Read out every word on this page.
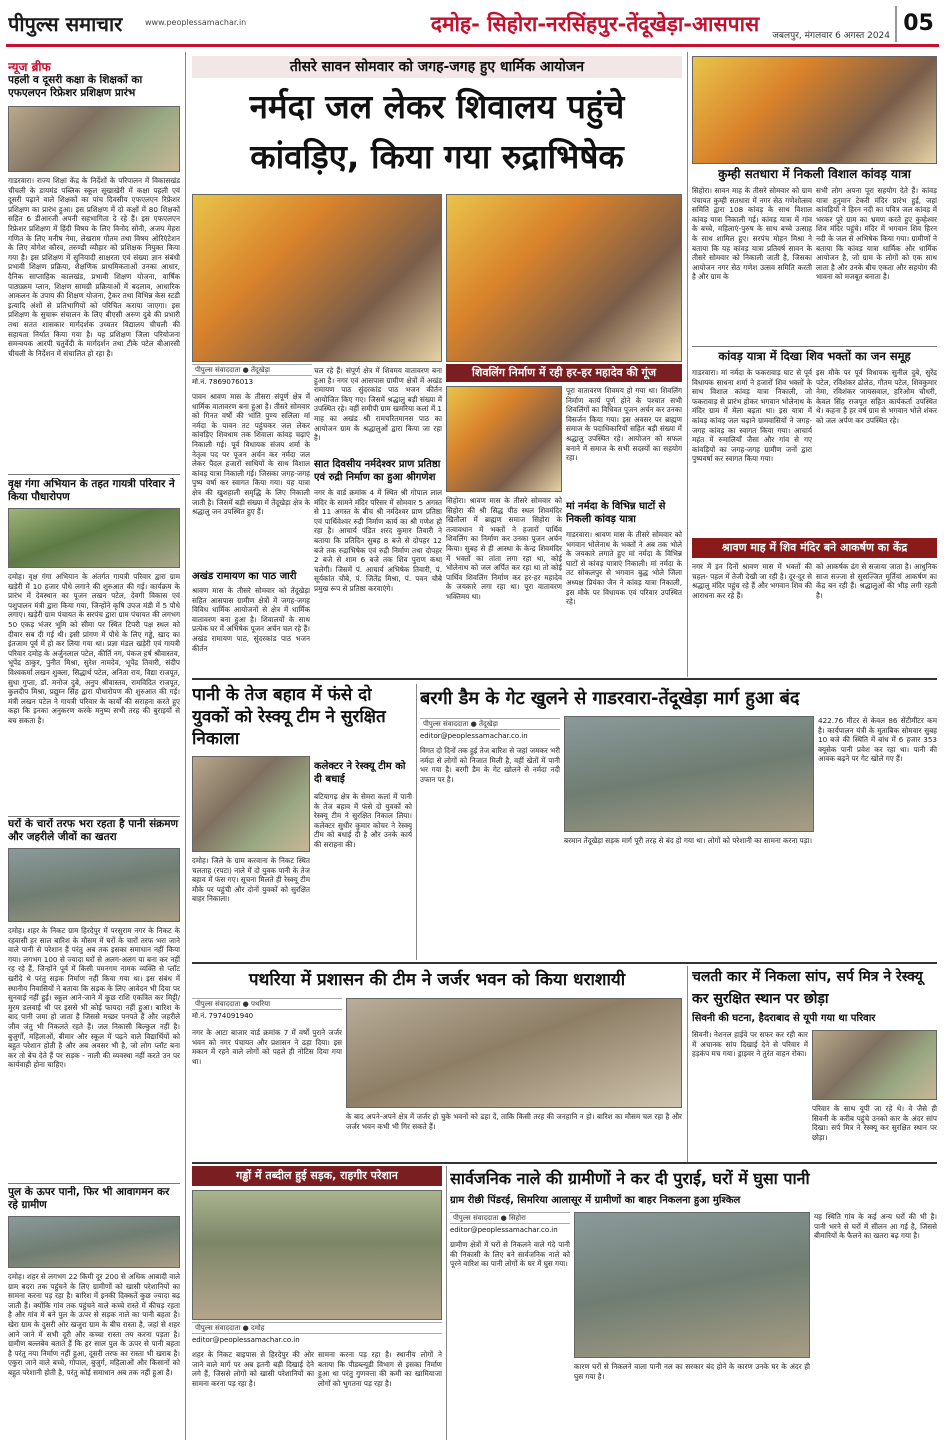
पीपुल्स समाचार	www.peoplessamachar.in	दमोह- सिहोरा-नरसिंहपुर-तेंदूखेड़ा-आसपास	जबलपुर, मंगलवार 6 अगस्त 2024 05
न्यूज ब्रीफ
पहली व दूसरी कक्षा के शिक्षकों का एफएलएन रिफ्रेशर प्रशिक्षण प्रारंभ
गाडरवारा। राज्य शिक्षा केंद्र के निर्देशों के परिपालन में विकासखंड चीचली के डायमंड पब्लिक स्कूल सूखाखेरी में कक्षा पहली एवं दूसरी पढ़ाने वाले शिक्षकों का पांच दिवसीय एफएलएन रिफ्रेशर प्रशिक्षण का प्रारंभ हुआ। इस प्रशिक्षण में दो कक्षों में 80 शिक्षकों सहित 6 डीआरजी अपनी सहभागिता दे रहे हैं। इस एफएलएन रिफ्रेशर प्रशिक्षण में हिंदी विषय के लिए विनोद सोनी, अजय मेहरा गणित के लिए मनीष नेमा, लेखराम गौतम तथा विषय ओरिएंटेशन के लिए योगेश कौरव, तरुण्डी व्यौहार को प्रशिक्षक नियुक्त किया गया है। इस प्रशिक्षण में सुनियादी साक्षरता एवं संख्या ज्ञान संबंधी प्रभावी शिक्षण प्रक्रिया, शैक्षणिक प्राथमिकताओं उनका आधार, दैनिक साप्ताहिक कालखंड, प्रभावी शिक्षण योजना, वार्षिक पाठ्यक्रम प्लान, शिक्षण सामग्री प्रक्रियाओं में बदलाव, आधारिक आकलन के उपाय की शिक्षण योजना, ट्रैकर तथा विभिन्न केस स्टडी इत्यादि अंशों से प्रतिभागियों को परिचित कराया जाएगा। इस प्रशिक्षण के सुचारू संचालन के लिए बीएसी अरुण दुबे की प्रभारी तथा सतत शासकार मार्गदर्शक उच्चतर विद्यालय चीचली की सहायता निर्यात किया गया है। यह प्रशिक्षण जिला परियोजना समन्वयक आरपी चतुर्वेदी के मार्गदर्शन तथा टीके पटेल बीआरसी चीचली के निर्देशन में संचालित हो रहा है।
वृक्ष गंगा अभियान के तहत गायत्री परिवार ने किया पौधारोपण
दमोह। वृक्ष गंगा अभियान के अंतर्गत गायत्री परिवार द्वारा ग्राम खड़ेरी में 10 हजार पौधे लगाने की शुरुआत की गई। कार्यक्रम के प्रारंभ में देवस्थान का पूजन लखन पटेल, देवगी विकास एवं पशुपालन मंत्री द्वारा किया गया, जिन्होंने कृषि उपज मंडी में 5 पौधे लगाए। खड़ेरी ग्राम पंचायत के सरपंच द्वारा ग्राम पंचायत की लगभग 50 एकड़ भंजर भूमि को सीमा पर स्थित टिपरी पक्ष स्थल को दीवार सब दी गई थी। इसी प्रांगण में पौधे के लिए गड्ढे, खाद का इंतजाम पूर्व में हो कर लिया गया था। प्रज्ञा मंडल खड़ेरी एवं गायत्री परिवार दमोह के अर्जुनलाल पटेल, कीर्ति नग, पंकज हर्ष श्रीवास्तव, भूपेंद्र ठाकुर, पुनीत मिश्रा, सुरेश नामदेव, भूपेंद्र तिवारी, संदीप विश्वकर्मा लखन शुक्ला, सिद्धार्थ पटेल, अनिता राय, विद्या राजपूत, सुधा गुप्ता, डॉ. मनोज दुबे, अनुप श्रीवास्तव, रामविदित राजपूत, कुलदीप मिश्रा, प्रद्युम्न सिंह द्वारा पौधारोपण की शुरुआत की गई। मंत्री लखन पटेल ने गायत्री परिवार के कार्यों की सराहना करते हुए कहा कि इनका अनुकरण करके मनुष्य सभी तरह की बुराइयों से बच सकता है।
घरों के चारों तरफ भरा रहता है पानी संक्रमण और जहरीले जीवों का खतरा
दमोह। शहर के निकट ग्राम हिरदेपुर में परसुराम नगर के निकट के रहवासी हर साल बारिश के मौसम में घरों के चारों तरफ भरा जाने वाले पानी से परेशान हैं परंतु अब तक इसका समाधान नहीं किया गया। लगभग 100 से ज्यादा घरों से अलग-अलग या बना कर नहीं रह रहे हैं, जिन्होंने पूर्व में किसी पमनगम नामक व्यक्ति से प्लॉट खरीदे थे परंतु सड़क निर्माण नहीं किया गया था। इस संबंध में स्थानीय निवासियों ने बताया कि सड़क के लिए आवेदन भी दिया पर सुनवाई नहीं हुई। स्कूल आने-जाने में कुछ राशि एकत्रित कर मिट्टी/मुरम डलवाई थी पर इससे भी कोई फायदा नहीं हुआ। बारिश के बाद पानी जमा हो जाता है जिससे मच्छर पनपते हैं और जहरीले जीव जंतु भी निकलते रहते हैं। जल निकासी बिल्कुल नहीं है। बुजुर्गों, महिलाओं, बीमार और स्कूल में पढ़ने वाले विद्यार्थियों को बहुत परेशान होती है और अब अवसर भी है, जो लोग प्लॉट बना कर तो बेच देते हैं पर सड़क - नाली की व्यवस्था नहीं करते उन पर कार्यवाही होना चाहिए।
पुल के ऊपर पानी, फिर भी आवागमन कर रहे ग्रामीण
दमोह। शहर से लगभग 22 किमी दूर 200 से अधिक आबादी वाले ग्राम बदरा तक पहुंचने के लिए ग्रामीणों को खासी परेशानियों का सामना करना पड़ रहा है। बारिश में इनकी दिक्कतें कुछ ज्यादा बढ़ जाती हैं। क्योंकि गांव तक पहुंचने वाले कच्चे रास्ते में कीचड़ रहता है और गांव में बने पुल के ऊपर से सड़क नाले का पानी बहता है। खेरा ग्राम के दुसरी ओर खजुरा ग्राम के बीच रास्ता है, जहां से शहर आने जाने में सभी दूरी और कच्चा रास्ता तय करना पड़ता है। ग्रामीण बल्लबेव बताते हैं कि हर साल पुल के ऊपर से पानी बहता है परंतु नया निर्माण नहीं हुआ, दूसरी तरफ का रास्ता भी खराब है। एकुरा जाने वाले बच्चे, गोपाल, बुजुर्ग, महिलाओं और किसानों को बहुत परेशानी होती है, परंतु कोई समाधान अब तक नहीं हुआ है।
तीसरे सावन सोमवार को जगह-जगह हुए धार्मिक आयोजन
नर्मदा जल लेकर शिवालय पहुंचे कांवड़िए, किया गया रुद्राभिषेक
पीपुल्स संवाददाता ● तेंदूखेड़ा
मो.नं. 7869076013
पावन श्रावण मास के तीसरा संपूर्ण क्षेत्र में धार्मिक वातावरण बना हुआ है। तीसरे सोमवार को गिनत वर्षों की भांति पुण्य सलिला मां नर्मदा के पावन तट पहुंचकर जल लेकर कांवड़िए शिवधाम तक शिवाला कांवड़ चढ़ाएं निकाली गई। पूर्व विधायक संजय शर्मा के नेतृत्व पद पर पूजन अर्चन कर नर्मदा जल लेकर पैदल हजारों साथियों के साथ विशाल कांवड़ यात्रा निकाली गई। जिसका जगह-जगह पुष्प वर्षा कर स्वागत किया गया। यह यात्रा क्षेत्र की खुशहाली समृद्धि के लिए निकाली जाती है। जिसमें बड़ी संख्या में तेंदूखेड़ा क्षेत्र के श्रद्धालु जन उपस्थित हुए हैं।
अखंड रामायण का पाठ जारी
श्रावण मास के तीसरे सोमवार को तेंदूखेड़ा सहित आसपास ग्रामीण क्षेत्रों में जगह-जगह विविध धार्मिक आयोजनों से क्षेत्र में धार्मिक वातावरण बना हुआ है। शिवालयों के साथ प्रत्येक घर में अभिषेक पूजन अर्चन चल रहे हैं। अखंड रामायण पाठ, सुंदरकांड पाठ भजन कीर्तन
चल रहे हैं। संपूर्ण क्षेत्र में शिवमय वातावरण बना हुआ है। नगर एवं आसपास ग्रामीण क्षेत्रों में अखंड रामायण पाठ सुंदरकांड पाठ भजन कीर्तन आयोजित किए गए। जिसमें श्रद्धालु बड़ी संख्या में उपस्थित रहे। वहीं समीपी ग्राम खमरिया कलां में 1 माह का अखंड श्री रामचरितमानस पाठ का आयोजन ग्राम के श्रद्धालुओं द्वारा किया जा रहा है।
सात दिवसीय नर्मदेश्वर प्राण प्रतिष्ठा एवं रुद्री निर्माण का हुआ श्रीगणेश
नगर के वार्ड क्रमांक 4 में स्थित श्री गोपाल लाल मंदिर के सामने मंदिर परिसर में सोमवार 5 अगस्त से 11 अगस्त के बीच श्री नर्मदेश्वर प्राण प्रतिष्ठा एवं पार्थिवेश्वर रुद्री निर्माण कार्य का श्री गणेश हो रहा है। आचार्य पंडित शरद कुमार तिवारी ने बताया कि प्रतिदिन सुबह 8 बजे से दोपहर 12 बजे तक रुद्राभिषेक एवं रुद्री निर्माण तथा दोपहर 2 बजे से शाम 6 बजे तक शिव पुराण कथा चलेगी। जिसमें पं. आचार्य अभिषेक तिवारी, पं. सूर्यकांत चौबे, पं. जितेंद्र मिश्रा, पं. पवन चौबे प्रमुख रूप से प्रतिष्ठा करवाएंगे।
शिवलिंग निर्माण में रही हर-हर महादेव की गूंज
सिहोरा। श्रावण मास के तीसरे सोमवार को सिहोरा की श्री सिद्ध पीठ स्थल शिवमंदिर खितौला में ब्राह्मण समाज सिहोरा के तत्वावधान में भक्तों ने हजारों पार्थिव शिवलिंग का निर्माण कर उनका पूजन अर्चन किया। सुबह से ही आस्था के केन्द्र शिवमंदिर में भक्तों का तांता लगा रहा था, कोई भोलेनाथ को जल अर्पित कर रहा था तो कोई पार्थिव शिवलिंग निर्माण कर हर-हर महादेव के जयकारे लगा रहा था। पूरा वातावरण भक्तिमय था।
पूरा वातावरण शिवमय हो गया था। शिवलिंग निर्माण कार्य पूर्ण होने के पश्चात सभी शिवलिंगों का विधिवत पूजन अर्चन कर उनका विसर्जन किया गया। इस अवसर पर ब्राह्मण समाज के पदाधिकारियों सहित बड़ी संख्या में श्रद्धालु उपस्थित रहे। आयोजन को सफल बनाने में समाज के सभी सदस्यों का सहयोग रहा।
मां नर्मदा के विभिन्न घाटों से निकली कांवड़ यात्रा
गाडरवारा। श्रावण मास के तीसरे सोमवार को भगवान भोलेनाथ के भक्तों ने अब तक भोले के जयकारे लगाते हुए मां नर्मदा के विभिन्न घाटों से कांवड़ यात्राएं निकाली। मां नर्मदा के तट सोकलपुर से भगवान बुद्ध भोले जिला अध्यक्ष प्रियंका जैन ने कांवड़ यात्रा निकाली, इस मौके पर विधायक एवं परिवार उपस्थित रहे।
कुम्ही सतधारा में निकली विशाल कांवड़ यात्रा
सिहोरा। सावन माह के तीसरे सोमवार को ग्राम पंचायत कुम्ही सतधारा में नगर सेठ गणेशोत्सव समिति द्वारा 108 कांवड़ के साथ विशाल कांवड़ यात्रा निकाली गई। कांवड़ यात्रा में गांव के बच्चे, महिलाएं-पुरुष के साथ बच्चे उत्साह के साथ शामिल हुए। सरपंच मोहन मिश्रा ने बताया कि यह कांवड़ यात्रा प्रतिवर्ष सावन के तीसरे सोमवार को निकाली जाती है, जिसका आयोजन नगर सेठ गणेश उत्सव समिति करती है और ग्राम के
सभी लोग अपना पूरा सहयोग देते हैं। कांवड़ यात्रा हनुमान टेकरी मंदिर प्रारंभ हुई, जहां कांवड़ियों ने हिरन नदी का पवित्र जल कांवड़ में भरकर पूरे ग्राम का भ्रमण करते हुए कुम्हेश्वर शिव मंदिर पहुंचे। मंदिर में भगवान शिव हिरन नदी के जल से अभिषेक किया गया। ग्रामीणों ने बताया कि कांवड़ यात्रा धार्मिक और धार्मिक आयोजन है, जो ग्राम के लोगों को एक साथ लाता है और उनके बीच एकता और सहयोग की भावना को मजबूत बनाता है।
कांवड़ यात्रा में दिखा शिव भक्तों का जन समूह
गाडरवारा। मां नर्मदा के फकरावाड़ घाट से पूर्व विधायक साधना शर्मा ने हजारों शिव भक्तों के साथ विशाल कांवड़ यात्रा निकाली, जो फकरावाड़ से प्रारंभ होकर भगवान भोलेनाथ के मंदिर ग्राम में मेला बढ़ता था। इस यात्रा में कांवड़ कांवड़ जल चढ़ाने ग्रामवासियों ने जगह-जगह कांवड़ का स्वागत किया गया। आचार्य महंत में रुमालियाँ जैसा और गांव से गए कांवड़ियों का जगह-जगह ग्रामीण जनों द्वारा पुष्पवर्षा कर स्वागत किया गया।
इस मौके पर पूर्व विधायक सुनील दुबे, सुरेंद्र पटेल, रविशंकर ढोलेठ, गौतम पटेल, शिवकुमार नेमा, रविशंकर जायसवाल, हरिओम चौधरी, केवल सिंह राजपूत सहित कार्यकर्ता उपस्थित थे। कहना है हर वर्ष ग्राम से भगवान भोले शंकर को जल अर्पण कर उपस्थित रहे।
श्रावण माह में शिव मंदिर बने आकर्षण का केंद्र
नगर में इन दिनों श्रावण मास में भक्तों की चहल- पहल में तेजी देखी जा रही है। दूर-दूर से श्रद्धालु मंदिर पहुंच रहे हैं और भगवान शिव की आराधना कर रहे हैं।
को आकर्षक ढंग से सजाया जाता है। आधुनिक साज सज्जा से सुसज्जित मूर्तियां आकर्षण का केंद्र बन रही हैं। श्रद्धालुओं की भीड़ लगी रहती है।
पानी के तेज बहाव में फंसे दो युवकों को रेस्क्यू टीम ने सुरक्षित निकाला
दमोह। जिले के ग्राम करवाना के निकट स्थित चलताह (रपटा) नाले में दो युवक पानी के तेज बहाव में फंस गए। सूचना मिलते ही रेस्क्यू टीम मौके पर पहुंची और दोनों युवकों को सुरक्षित बाहर निकाला।
कलेक्टर ने रेस्क्यू टीम को दी बधाई
बटियागढ़ क्षेत्र के सेमरा कलां में पानी के तेज बहाव में फंसे दो युवकों को रेस्क्यू टीम ने सुरक्षित निकाल लिया। कलेक्टर सुधीर कुमार कोचर ने रेस्क्यू टीम को बधाई दी है और उनके कार्य की सराहना की।
बरगी डैम के गेट खुलने से गाडरवारा-तेंदूखेड़ा मार्ग हुआ बंद
पीपुल्स संवाददाता ● तेंदूखेड़ा
editor@peoplessamachar.co.in
विगत दो दिनों तक हुई तेज बारिश से जहां जमकर भरी नर्मदा से लोगों को निजात मिली है, वहीं खेतों में पानी भर गया है। बरगी डैम के गेट खोलने से नर्मदा नदी उफान पर है।
बरमान तेंदूखेड़ा सड़क मार्ग पूरी तरह से बंद हो गया था। लोगों को परेशानी का सामना करना पड़ा।
422.76 मीटर से केवल 86 सेंटीमीटर कम है। कार्यपालन यंत्री के मुताबिक सोमवार सुबह 10 बजे की स्थिति में बांध में 6 हजार 353 क्यूसेक पानी प्रवेश कर रहा था। पानी की आवक बढ़ने पर गेट खोले गए हैं।
पथरिया में प्रशासन की टीम ने जर्जर भवन को किया धराशायी
पीपुल्स संवाददाता ● पथरिया
मो.नं. 7974091940
नगर के आटा बाजार वार्ड क्रमांक 7 में वर्षों पुराने जर्जर भवन को नगर पंचायत और प्रशासन ने ढहा दिया। इस मकान में रहने वाले लोगों को पहले ही नोटिस दिया गया था।
के बाद अपने-अपने क्षेत्र में जर्जर हो चुके भवनों को ढहा दें, ताकि किसी तरह की जनहानि न हो। बारिश का मौसम चल रहा है और जर्जर भवन कभी भी गिर सकते हैं।
चलती कार में निकला सांप, सर्प मित्र ने रेस्क्यू कर सुरक्षित स्थान पर छोड़ा
सिवनी की घटना, हैदराबाद से यूपी गया था परिवार
सिवनी। नेशनल हाईवे पर सफर कर रही कार में अचानक सांप दिखाई देने से परिवार में हड़कंप मच गया। ड्राइवर ने तुरंत वाहन रोका।
परिवार के साथ यूपी जा रहे थे। वे जैसे ही सिवनी के करीब पहुंचे उनको कार के अंदर सांप दिखा। सर्प मित्र ने रेस्क्यू कर सुरक्षित स्थान पर छोड़ा।
गड्ढों में तब्दील हुई सड़क, राहगीर परेशान
पीपुल्स संवाददाता ● दमोह
editor@peoplessamachar.co.in
शहर के निकट बाइपास से हिरदेपुर की ओर जाने वाले मार्ग पर अब इतनी बड़ी दिखाई देने लगे हैं, जिससे लोगों को खासी परेशानियों का सामना करना पड़ रहा है।
सामना करना पड़ रहा है। स्थानीय लोगों ने बताया कि पीडब्ल्यूडी विभाग से इसका निर्माण हुआ था परंतु गुणवत्ता की कमी का खामियाजा लोगों को भुगतना पड़ रहा है।
सार्वजनिक नाले की ग्रामीणों ने कर दी पुराई, घरों में घुसा पानी
ग्राम रीछी पिंडरई, सिमरिया आलासूर में ग्रामीणों का बाहर निकलना हुआ मुश्किल
पीपुल्स संवाददाता ● सिहोरा
editor@peoplessamachar.co.in
ग्रामीण क्षेत्रों में घरों से निकलने वाले गंदे पानी की निकासी के लिए बने सार्वजनिक नाले को पूरने वारिश का पानी लोगों के घर में घुस गया।
कारण घरों से निकलने वाला पानी नल का सरकार बंद होने के कारण उनके घर के अंदर ही घुस गया है।
यह स्थिति गांव के कई अन्य घरों की भी है। पानी भरने से घरों में सीलन आ गई है, जिससे बीमारियों के फैलने का खतरा बढ़ गया है।
